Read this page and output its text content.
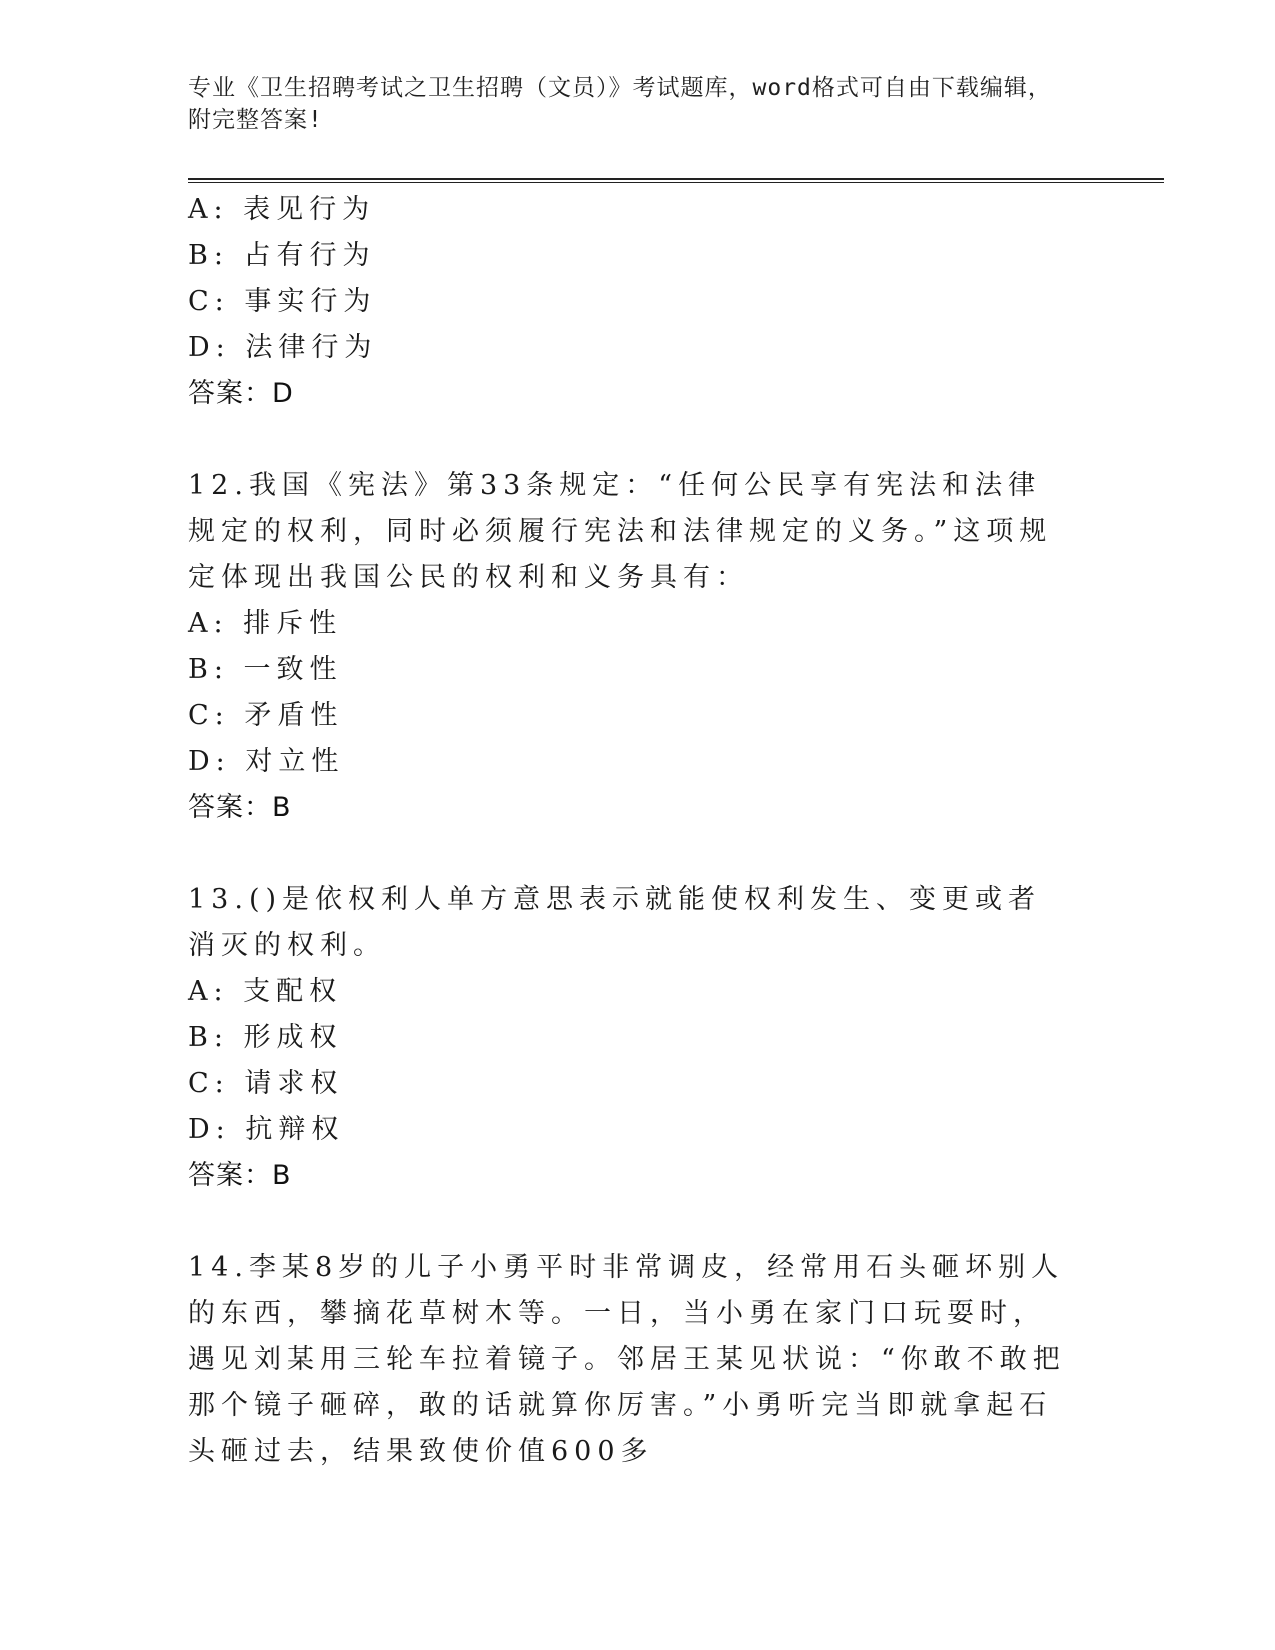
专业《卫生招聘考试之卫生招聘（文员）》考试题库，word格式可自由下载编辑，附完整答案!
A: 表见行为
B: 占有行为
C: 事实行为
D: 法律行为
答案：D
12.我国《宪法》第33条规定：“任何公民享有宪法和法律规定的权利，同时必须履行宪法和法律规定的义务。”这项规定体现出我国公民的权利和义务具有：
A: 排斥性
B: 一致性
C: 矛盾性
D: 对立性
答案：B
13.()是依权利人单方意思表示就能使权利发生、变更或者消灭的权利。
A: 支配权
B: 形成权
C: 请求权
D: 抗辩权
答案：B
14.李某8岁的儿子小勇平时非常调皮，经常用石头砸坏别人的东西，攀摘花草树木等。一日，当小勇在家门口玩耍时，遇见刘某用三轮车拉着镜子。邻居王某见状说：“你敢不敢把那个镜子砸碎，敢的话就算你厉害。”小勇听完当即就拿起石头砸过去，结果致使价值600多
